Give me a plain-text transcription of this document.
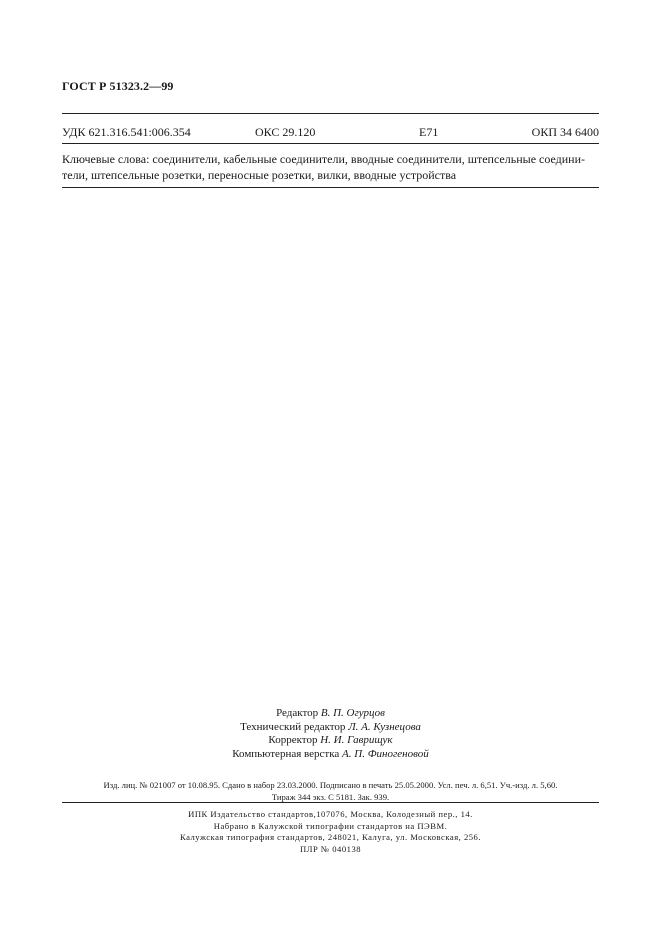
ГОСТ Р 51323.2—99
УДК 621.316.541:006.354	ОКС 29.120	Е71	ОКП 34 6400
Ключевые слова: соединители, кабельные соединители, вводные соединители, штепсельные соедини-
тели, штепсельные розетки, переносные розетки, вилки, вводные устройства
Редактор В. П. Огурцов
Технический редактор Л. А. Кузнецова
Корректор Н. И. Гаврищук
Компьютерная верстка А. П. Финогеновой
Изд. лиц. № 021007 от 10.08.95. Сдано в набор 23.03.2000. Подписано в печать 25.05.2000. Усл. печ. л. 6,51. Уч.-изд. л. 5,60.
Тираж 344 экз. С 5181. Зак. 939.
ИПК Издательство стандартов,107076, Москва, Колодезный пер., 14.
Набрано в Калужской типографии стандартов на ПЭВМ.
Калужская типография стандартов, 248021, Калуга, ул. Московская, 256.
ПЛР № 040138
